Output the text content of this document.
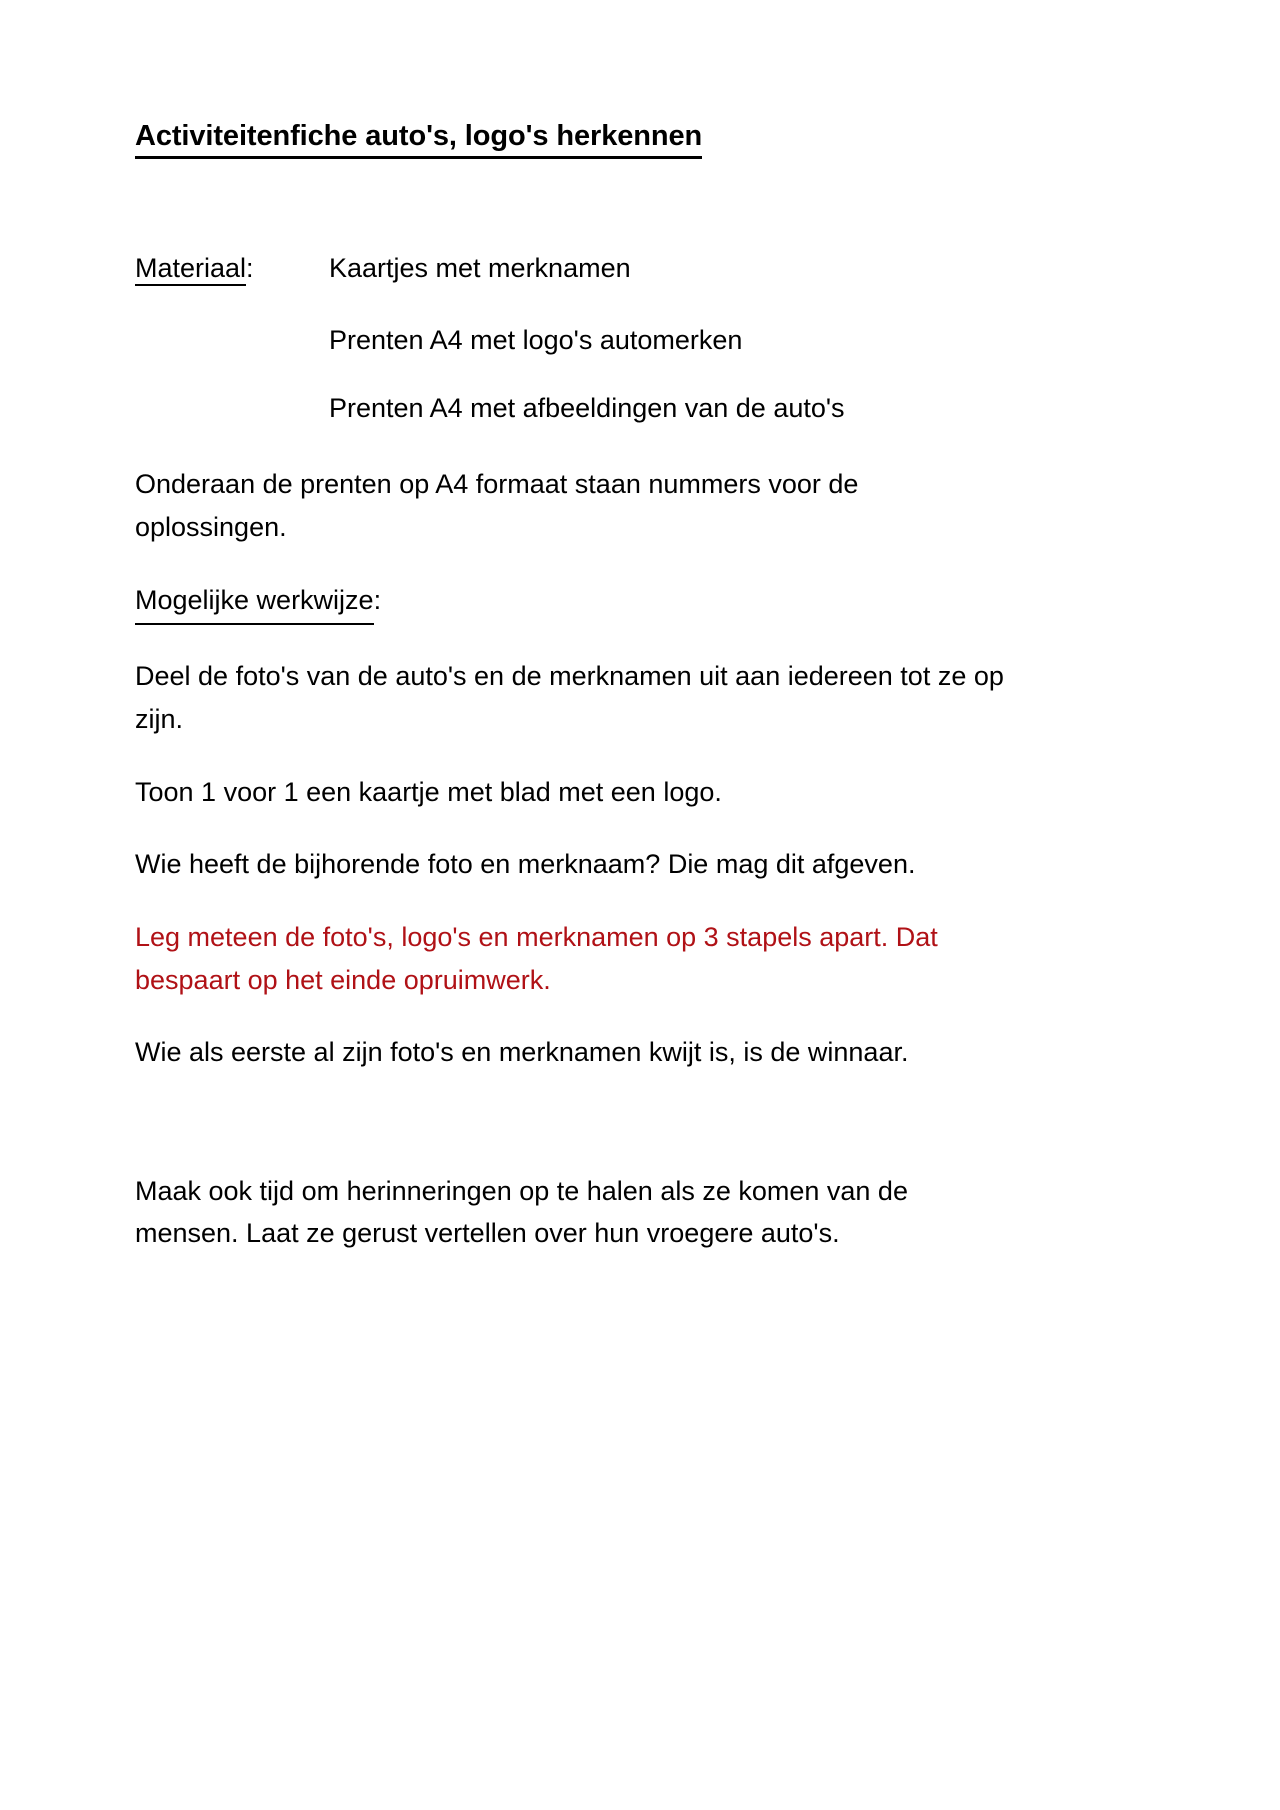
Activiteitenfiche auto's, logo's herkennen
Materiaal:	Kaartjes met merknamen
Prenten A4 met logo's automerken
Prenten A4 met afbeeldingen van de auto's

Onderaan de prenten op A4 formaat staan nummers voor de oplossingen.

Mogelijke werkwijze:

Deel de foto's van de auto's en de merknamen uit aan iedereen tot ze op zijn.

Toon 1 voor 1 een kaartje met blad met een logo.

Wie heeft de bijhorende foto en merknaam? Die mag dit afgeven.

Leg meteen de foto's, logo's en merknamen op 3 stapels apart. Dat bespaart op het einde opruimwerk.

Wie als eerste al zijn foto's en merknamen kwijt is, is de winnaar.

Maak ook tijd om herinneringen op te halen als ze komen van de mensen. Laat ze gerust vertellen over hun vroegere auto's.
